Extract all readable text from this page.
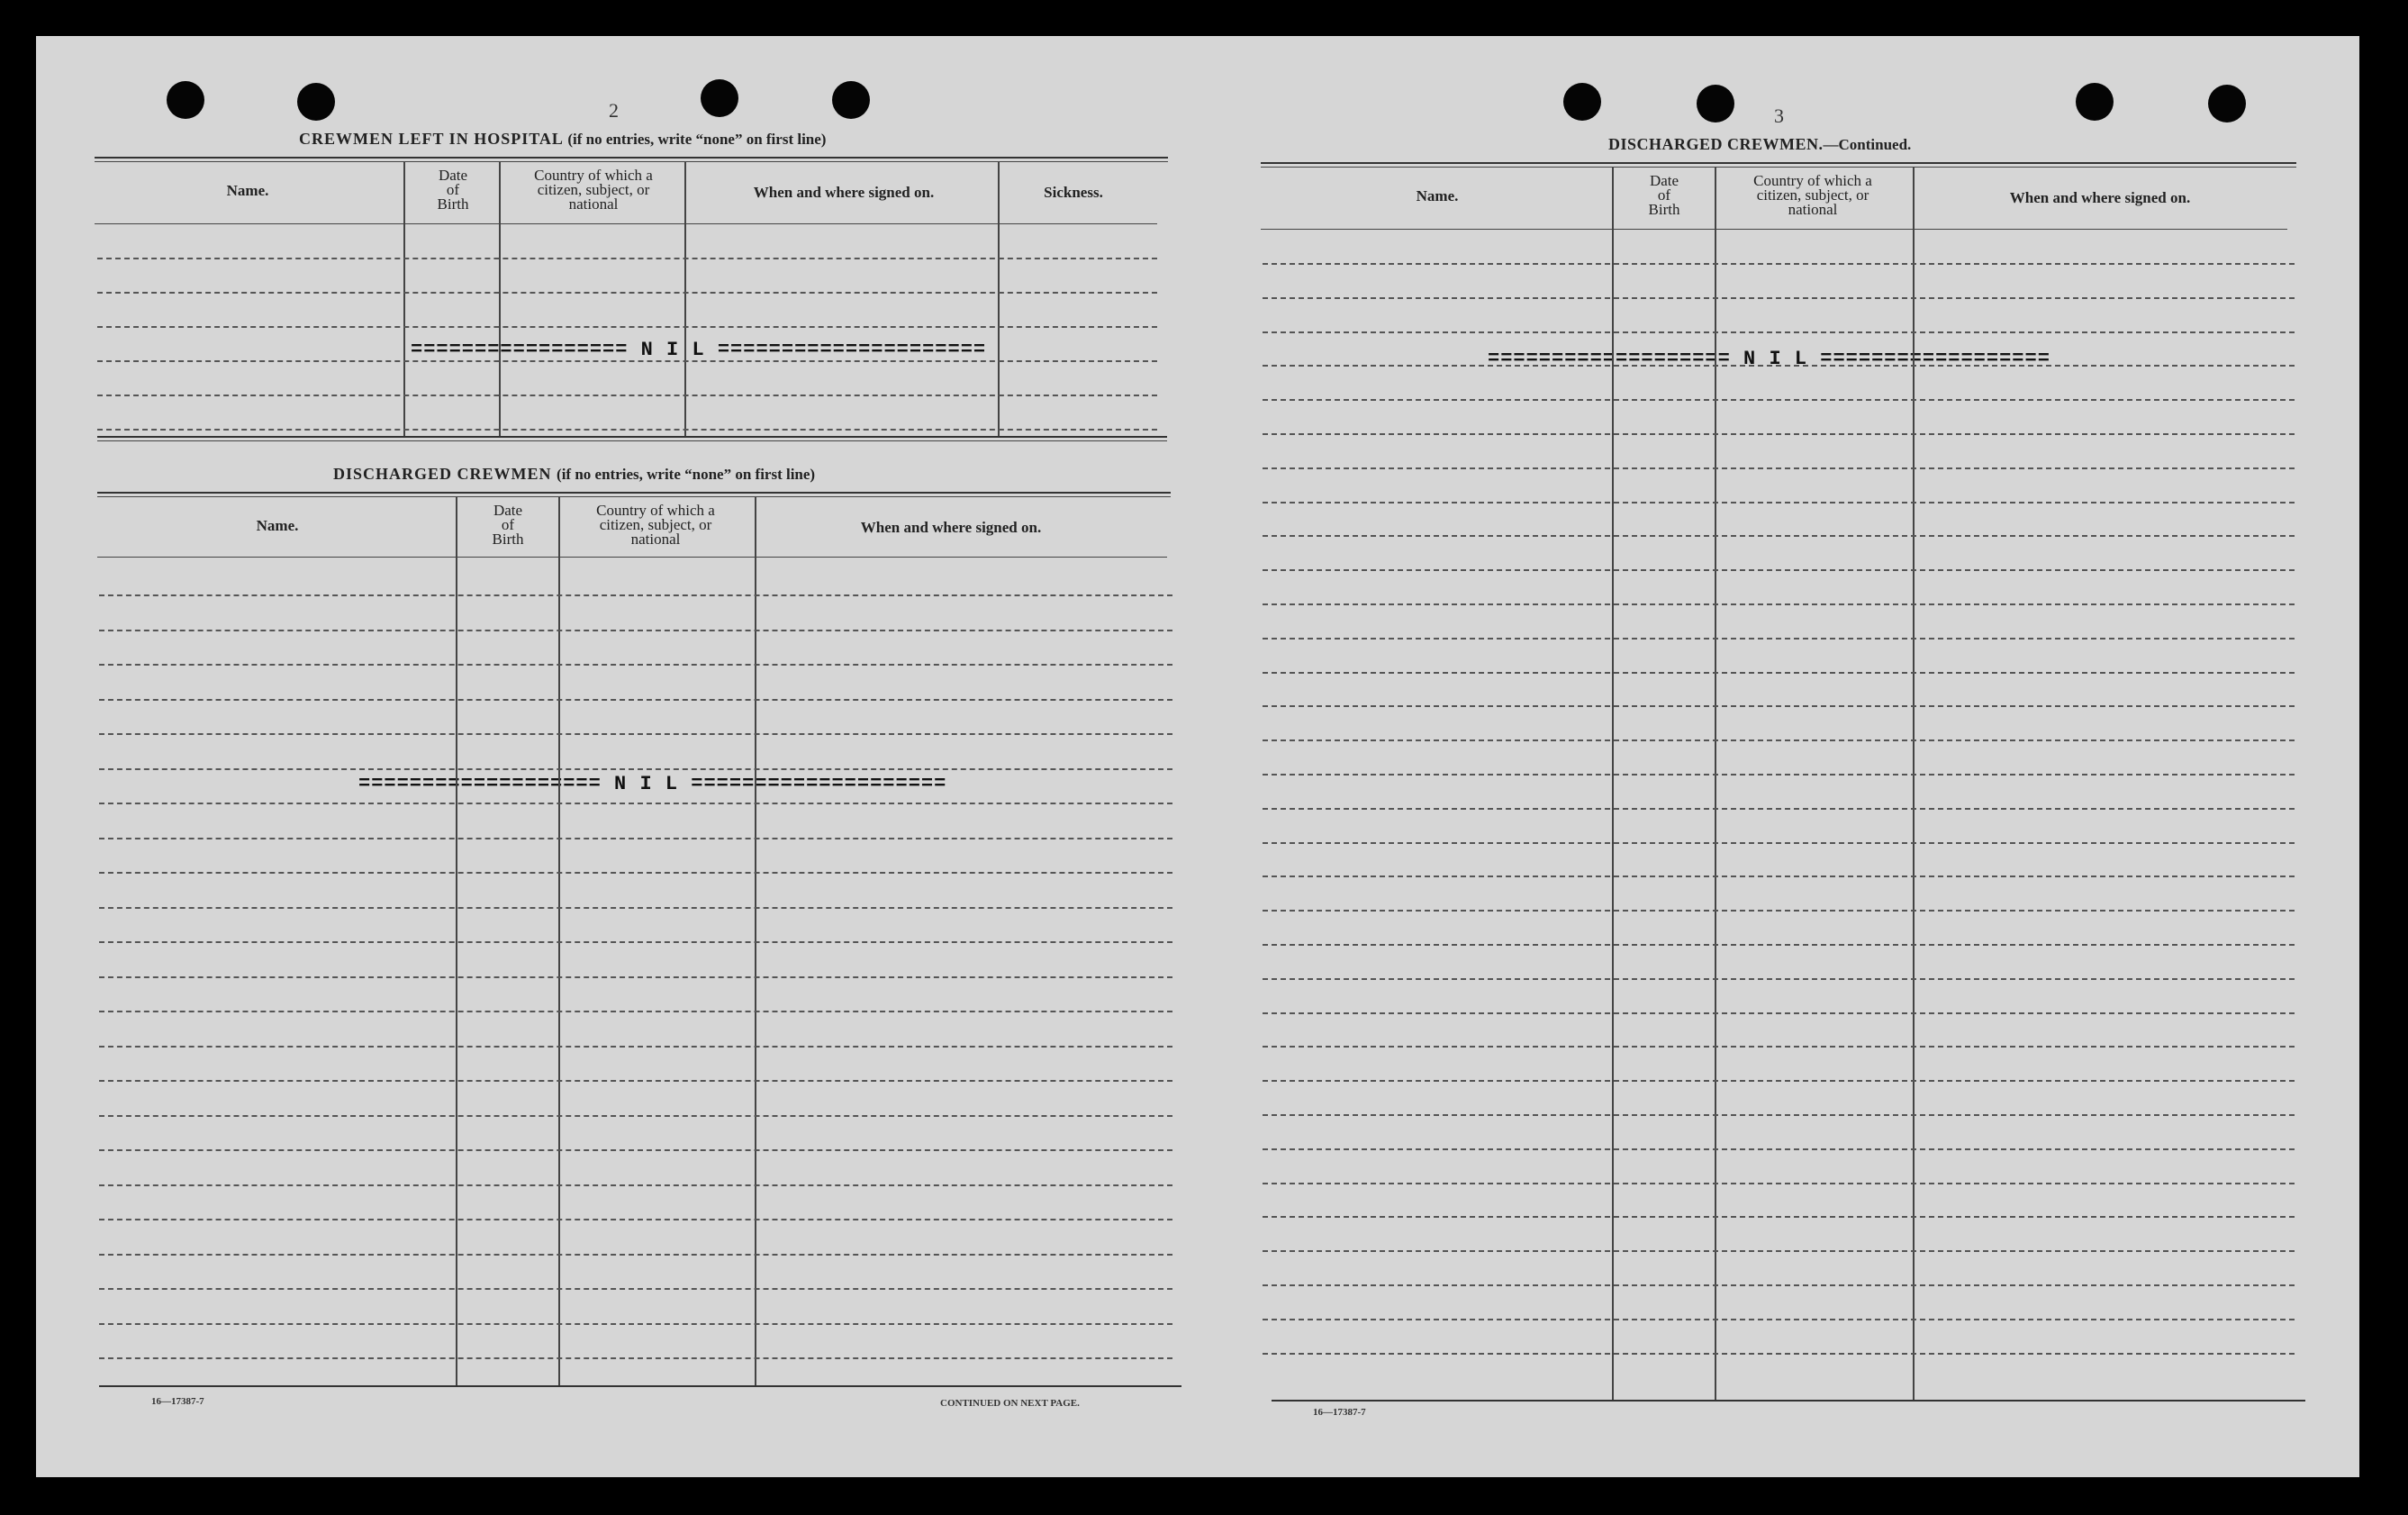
2
CREWMEN LEFT IN HOSPITAL (if no entries, write “none” on first line)
Name.
Date
of
Birth
Country of which a
citizen, subject, or
national
When and where signed on.	Sickness.
================= N I L =====================
DISCHARGED CREWMEN (if no entries, write “none” on first line)
Name.
Date
of
Birth
Country of which a
citizen, subject, or
national
When and where signed on.
=================== N I L ====================
16—17387-7	CONTINUED ON NEXT PAGE.
3
DISCHARGED CREWMEN.—Continued.
Name.
Date
of
Birth
Country of which a
citizen, subject, or
national
When and where signed on.
=================== N I L ==================
16—17387-7
